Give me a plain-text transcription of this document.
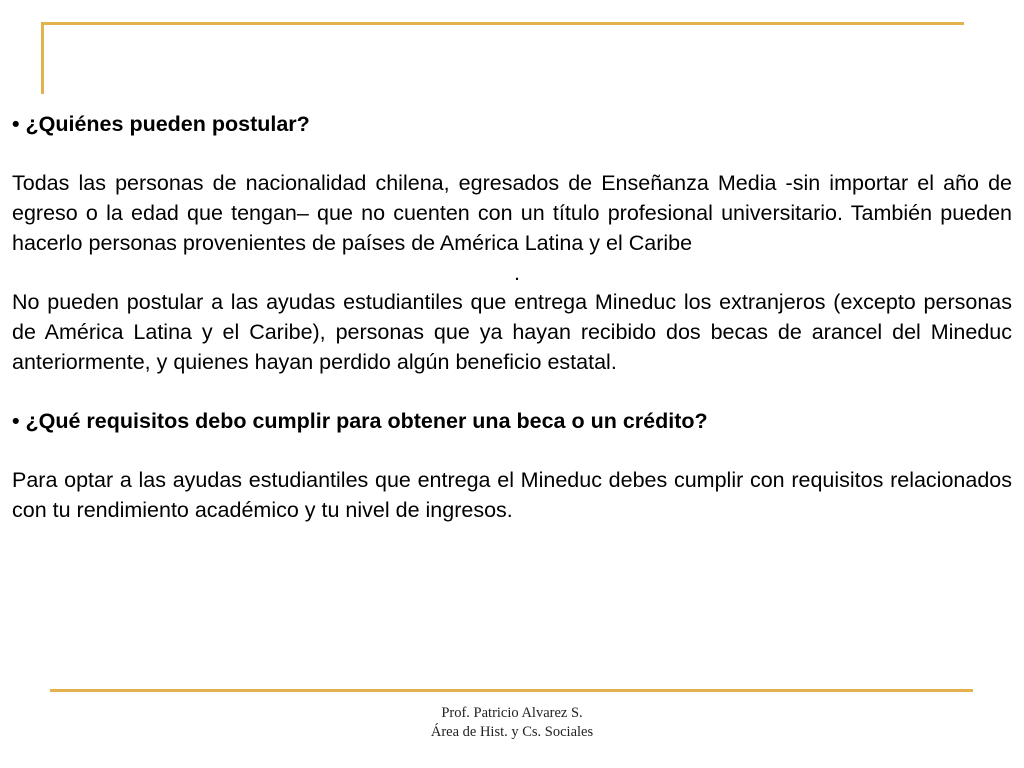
• ¿Quiénes pueden postular?

Todas las personas de nacionalidad chilena, egresados de Enseñanza Media -sin importar el año de egreso o la edad que tengan– que no cuenten con un título profesional universitario. También pueden hacerlo personas provenientes de países de América Latina y el Caribe

.

No pueden postular a las ayudas estudiantiles que entrega Mineduc los extranjeros (excepto personas de América Latina y el Caribe), personas que ya hayan recibido dos becas de arancel del Mineduc anteriormente, y quienes hayan perdido algún beneficio estatal.

• ¿Qué requisitos debo cumplir para obtener una beca o un crédito?

Para optar a las ayudas estudiantiles que entrega el Mineduc debes cumplir con requisitos relacionados con tu rendimiento académico y tu nivel de ingresos.

Prof. Patricio Alvarez S.
Área de Hist. y Cs. Sociales
